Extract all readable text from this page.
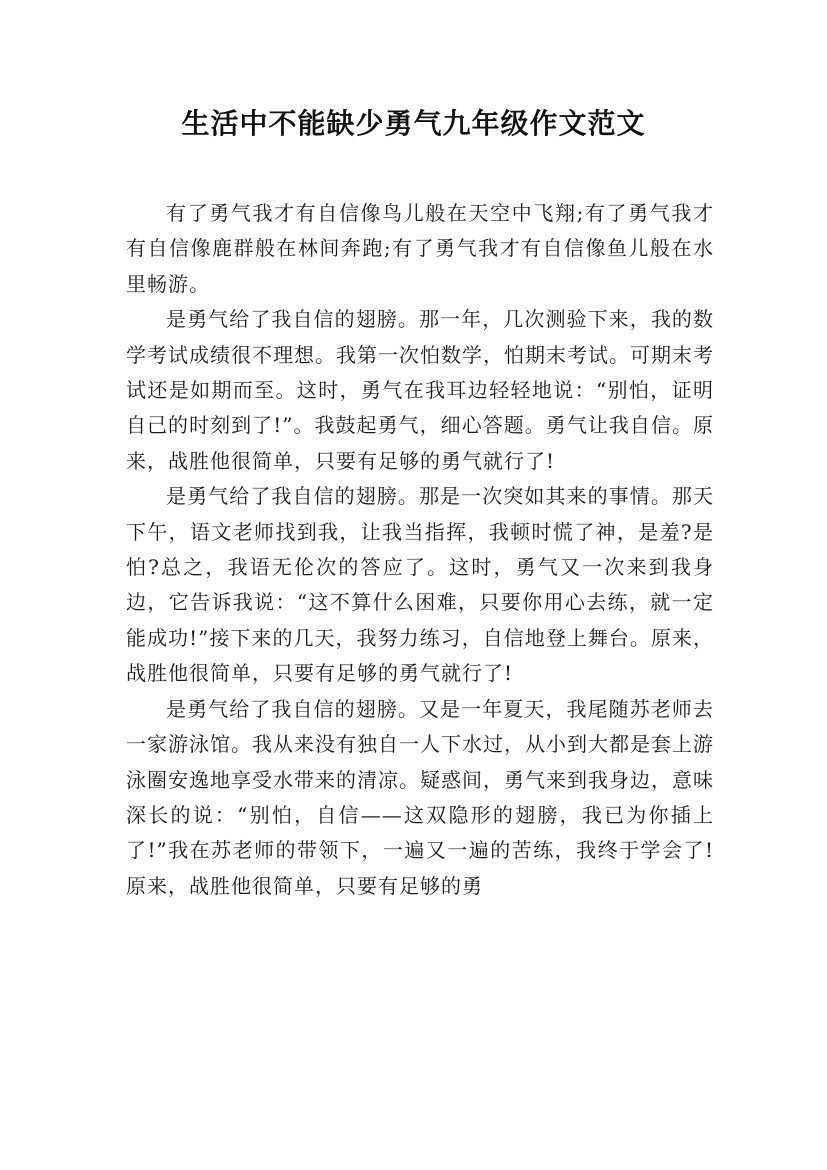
生活中不能缺少勇气九年级作文范文

有了勇气我才有自信像鸟儿般在天空中飞翔;有了勇气我才有自信像鹿群般在林间奔跑;有了勇气我才有自信像鱼儿般在水里畅游。

是勇气给了我自信的翅膀。那一年，几次测验下来，我的数学考试成绩很不理想。我第一次怕数学，怕期末考试。可期末考试还是如期而至。这时，勇气在我耳边轻轻地说：“别怕，证明自己的时刻到了!”。我鼓起勇气，细心答题。勇气让我自信。原来，战胜他很简单，只要有足够的勇气就行了!

是勇气给了我自信的翅膀。那是一次突如其来的事情。那天下午，语文老师找到我，让我当指挥，我顿时慌了神，是羞?是怕?总之，我语无伦次的答应了。这时，勇气又一次来到我身边，它告诉我说：“这不算什么困难，只要你用心去练，就一定能成功!”接下来的几天，我努力练习，自信地登上舞台。原来，战胜他很简单，只要有足够的勇气就行了!

是勇气给了我自信的翅膀。又是一年夏天，我尾随苏老师去一家游泳馆。我从来没有独自一人下水过，从小到大都是套上游泳圈安逸地享受水带来的清凉。疑惑间，勇气来到我身边，意味深长的说：“别怕，自信——这双隐形的翅膀，我已为你插上了!”我在苏老师的带领下，一遍又一遍的苦练，我终于学会了!原来，战胜他很简单，只要有足够的勇
